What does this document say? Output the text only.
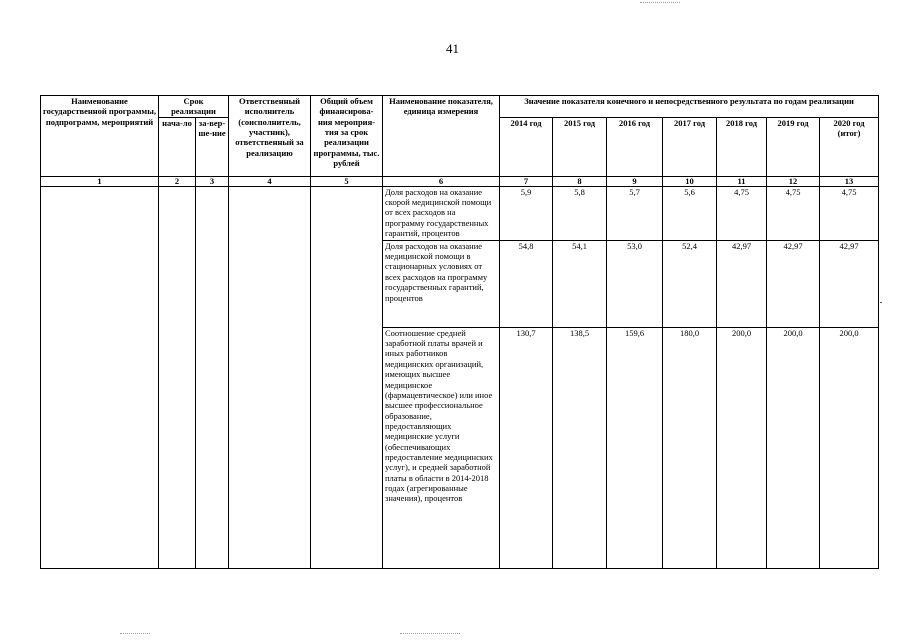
41
Наименование государственной программы, подпрограмм, мероприятий	Срок реализации		Ответственный исполнитель (соисполнитель, участник), ответственный за реализацию	Общий объем финансирова-ния мероприя-тия за срок реализации программы, тыс. рублей	Наименование показателя, единица измерения	Значение показателя конечного и непосредственного результата по годам реализации						
	нача-ло	за-вер-ше-ние				2014 год	2015 год	2016 год	2017 год	2018 год	2019 год	2020 год (итог)
1	2	3	4	5	6	7	8	9	10	11	12	13
					Доля расходов на оказание скорой медицинской помощи от всех расходов на программу государственных гарантий, процентов	5,9	5,8	5,7	5,6	4,75	4,75	4,75
					Доля расходов на оказание медицинской помощи в стационарных условиях от всех расходов на программу государственных гарантий, процентов	54,8	54,1	53,0	52,4	42,97	42,97	42,97
					Соотношение средней заработной платы врачей и иных работников медицинских организаций, имеющих высшее медицинское (фармацевтическое) или иное высшее профессиональное образование, предоставляющих медицинские услуги (обеспечивающих предоставление медицинских услуг), и средней заработной платы в области в 2014-2018 годах (агрегированные значения), процентов	130,7	138,5	159,6	180,0	200,0	200,0	200,0
